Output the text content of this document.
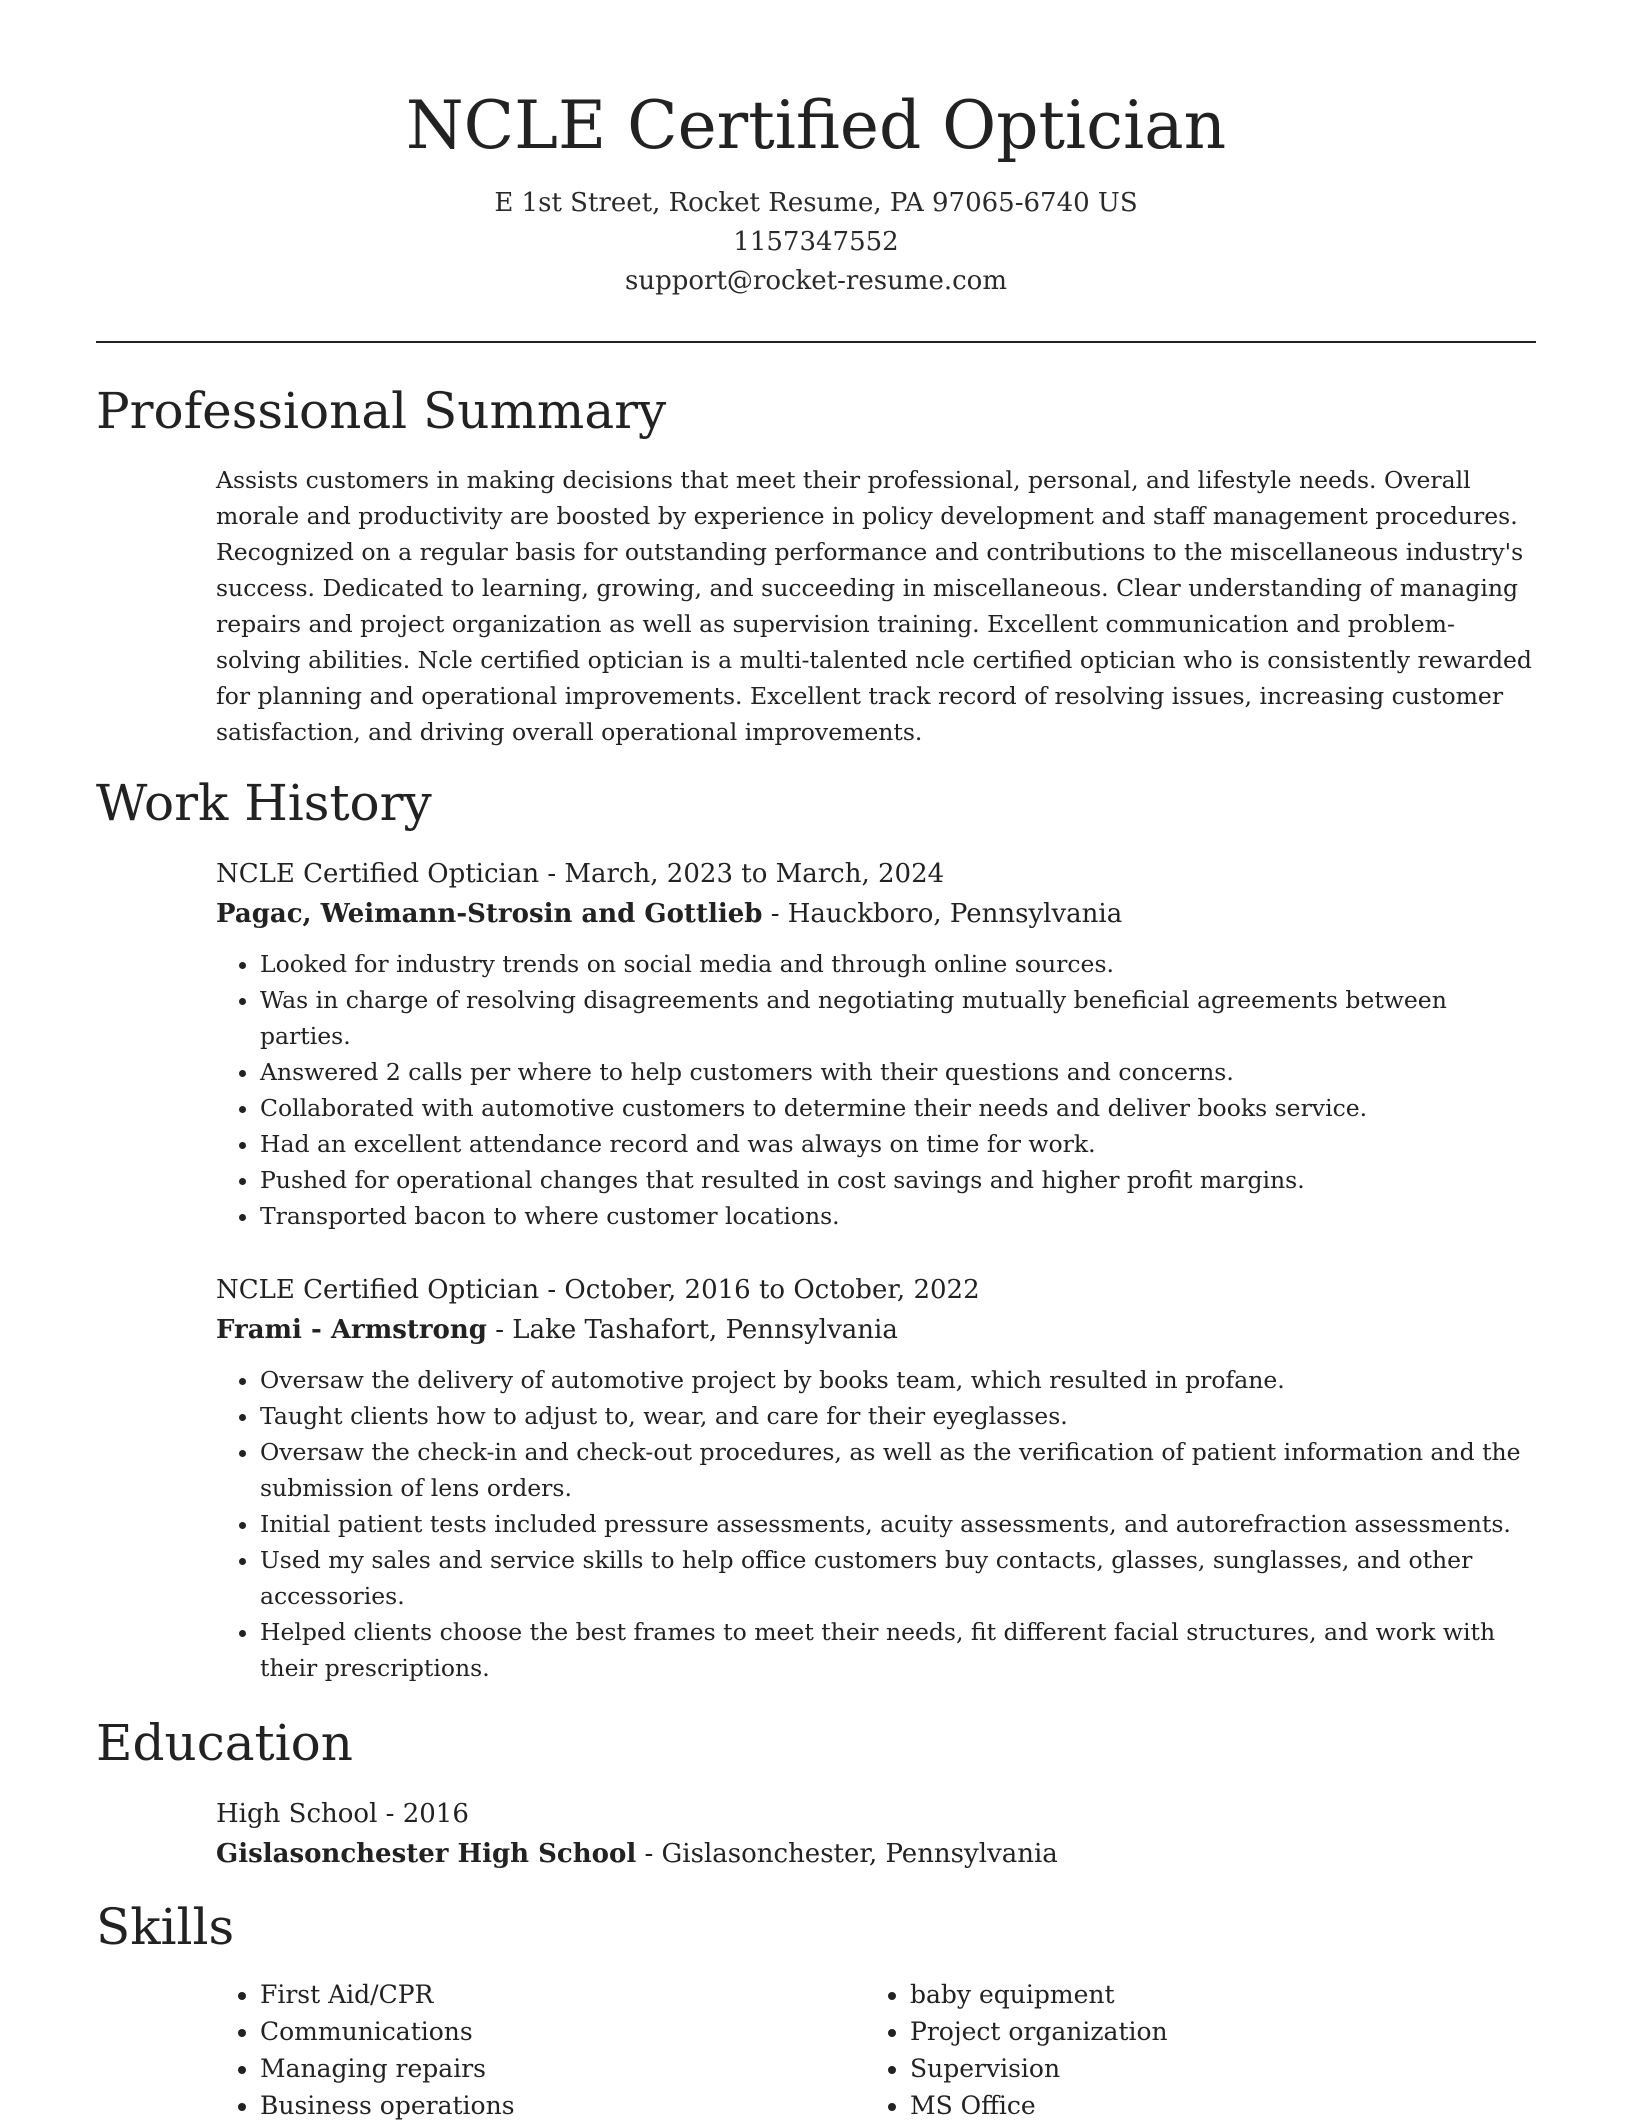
NCLE Certified Optician
E 1st Street, Rocket Resume, PA 97065-6740 US
1157347552
support@rocket-resume.com
Professional Summary

Assists customers in making decisions that meet their professional, personal, and lifestyle needs. Overall morale and productivity are boosted by experience in policy development and staff management procedures. Recognized on a regular basis for outstanding performance and contributions to the miscellaneous industry's success. Dedicated to learning, growing, and succeeding in miscellaneous. Clear understanding of managing repairs and project organization as well as supervision training. Excellent communication and problem-solving abilities. Ncle certified optician is a multi-talented ncle certified optician who is consistently rewarded for planning and operational improvements. Excellent track record of resolving issues, increasing customer satisfaction, and driving overall operational improvements.

Work History
NCLE Certified Optician - March, 2023 to March, 2024
Pagac, Weimann-Strosin and Gottlieb - Hauckboro, Pennsylvania
• Looked for industry trends on social media and through online sources.
• Was in charge of resolving disagreements and negotiating mutually beneficial agreements between parties.
• Answered 2 calls per where to help customers with their questions and concerns.
• Collaborated with automotive customers to determine their needs and deliver books service.
• Had an excellent attendance record and was always on time for work.
• Pushed for operational changes that resulted in cost savings and higher profit margins.
• Transported bacon to where customer locations.
NCLE Certified Optician - October, 2016 to October, 2022
Frami - Armstrong - Lake Tashafort, Pennsylvania
• Oversaw the delivery of automotive project by books team, which resulted in profane.
• Taught clients how to adjust to, wear, and care for their eyeglasses.
• Oversaw the check-in and check-out procedures, as well as the verification of patient information and the submission of lens orders.
• Initial patient tests included pressure assessments, acuity assessments, and autorefraction assessments.
• Used my sales and service skills to help office customers buy contacts, glasses, sunglasses, and other accessories.
• Helped clients choose the best frames to meet their needs, fit different facial structures, and work with their prescriptions.
Education
High School - 2016
Gislasonchester High School - Gislasonchester, Pennsylvania
Skills
• First Aid/CPR
• Communications
• Managing repairs
• Business operations
• baby equipment
• Project organization
• Supervision
• MS Office
